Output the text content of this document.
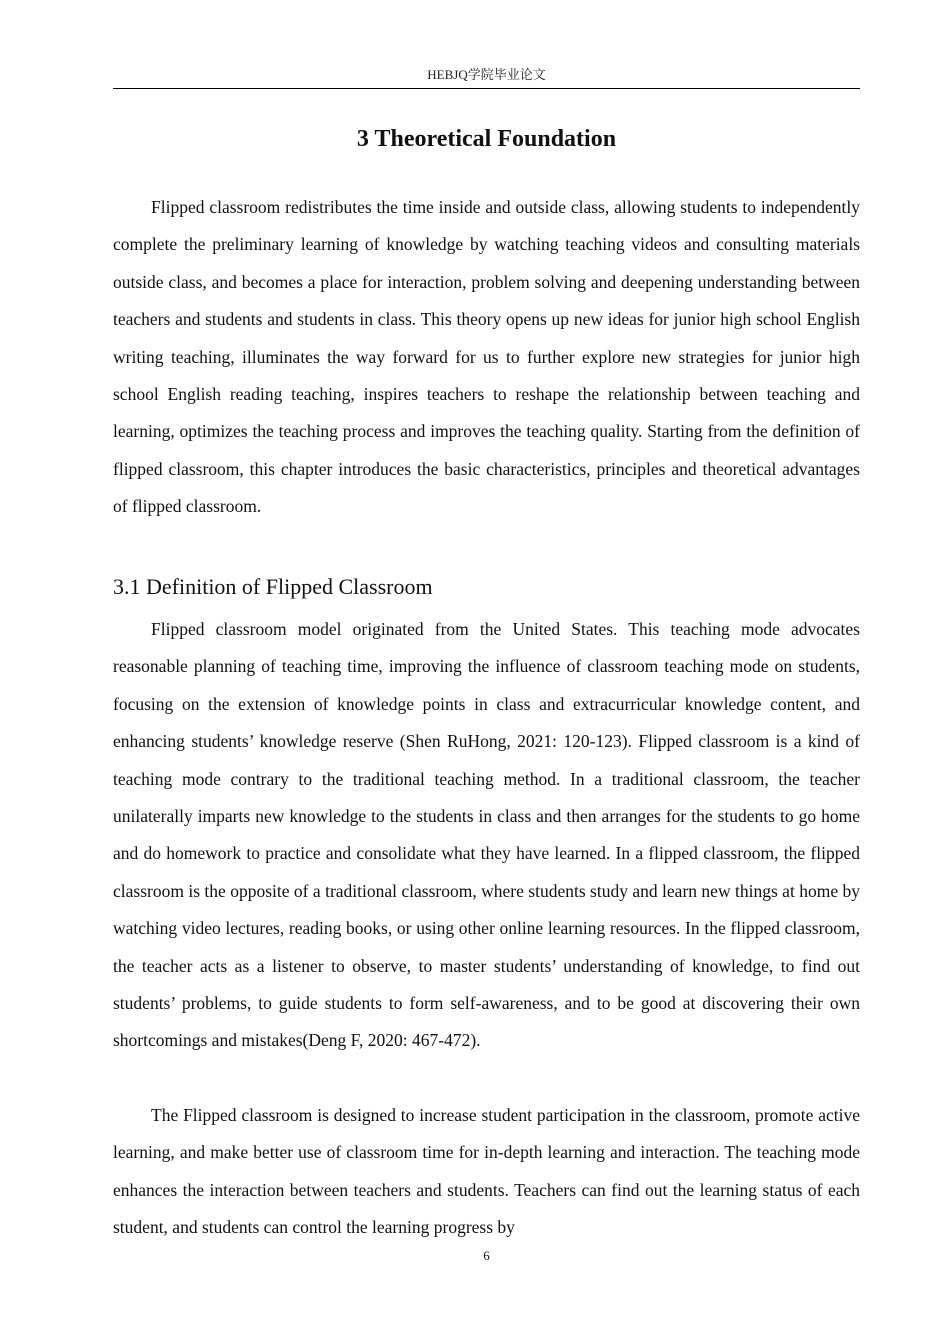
HEBJQ学院毕业论文
3 Theoretical Foundation

Flipped classroom redistributes the time inside and outside class, allowing students to independently complete the preliminary learning of knowledge by watching teaching videos and consulting materials outside class, and becomes a place for interaction, problem solving and deepening understanding between teachers and students and students in class. This theory opens up new ideas for junior high school English writing teaching, illuminates the way forward for us to further explore new strategies for junior high school English reading teaching, inspires teachers to reshape the relationship between teaching and learning, optimizes the teaching process and improves the teaching quality. Starting from the definition of flipped classroom, this chapter introduces the basic characteristics, principles and theoretical advantages of flipped classroom.

3.1 Definition of Flipped Classroom

Flipped classroom model originated from the United States. This teaching mode advocates reasonable planning of teaching time, improving the influence of classroom teaching mode on students, focusing on the extension of knowledge points in class and extracurricular knowledge content, and enhancing students’ knowledge reserve (Shen RuHong, 2021: 120-123). Flipped classroom is a kind of teaching mode contrary to the traditional teaching method. In a traditional classroom, the teacher unilaterally imparts new knowledge to the students in class and then arranges for the students to go home and do homework to practice and consolidate what they have learned. In a flipped classroom, the flipped classroom is the opposite of a traditional classroom, where students study and learn new things at home by watching video lectures, reading books, or using other online learning resources. In the flipped classroom, the teacher acts as a listener to observe, to master students’ understanding of knowledge, to find out students’ problems, to guide students to form self-awareness, and to be good at discovering their own shortcomings and mistakes(Deng F, 2020: 467-472).

The Flipped classroom is designed to increase student participation in the classroom, promote active learning, and make better use of classroom time for in-depth learning and interaction. The teaching mode enhances the interaction between teachers and students. Teachers can find out the learning status of each student, and students can control the learning progress by

6
